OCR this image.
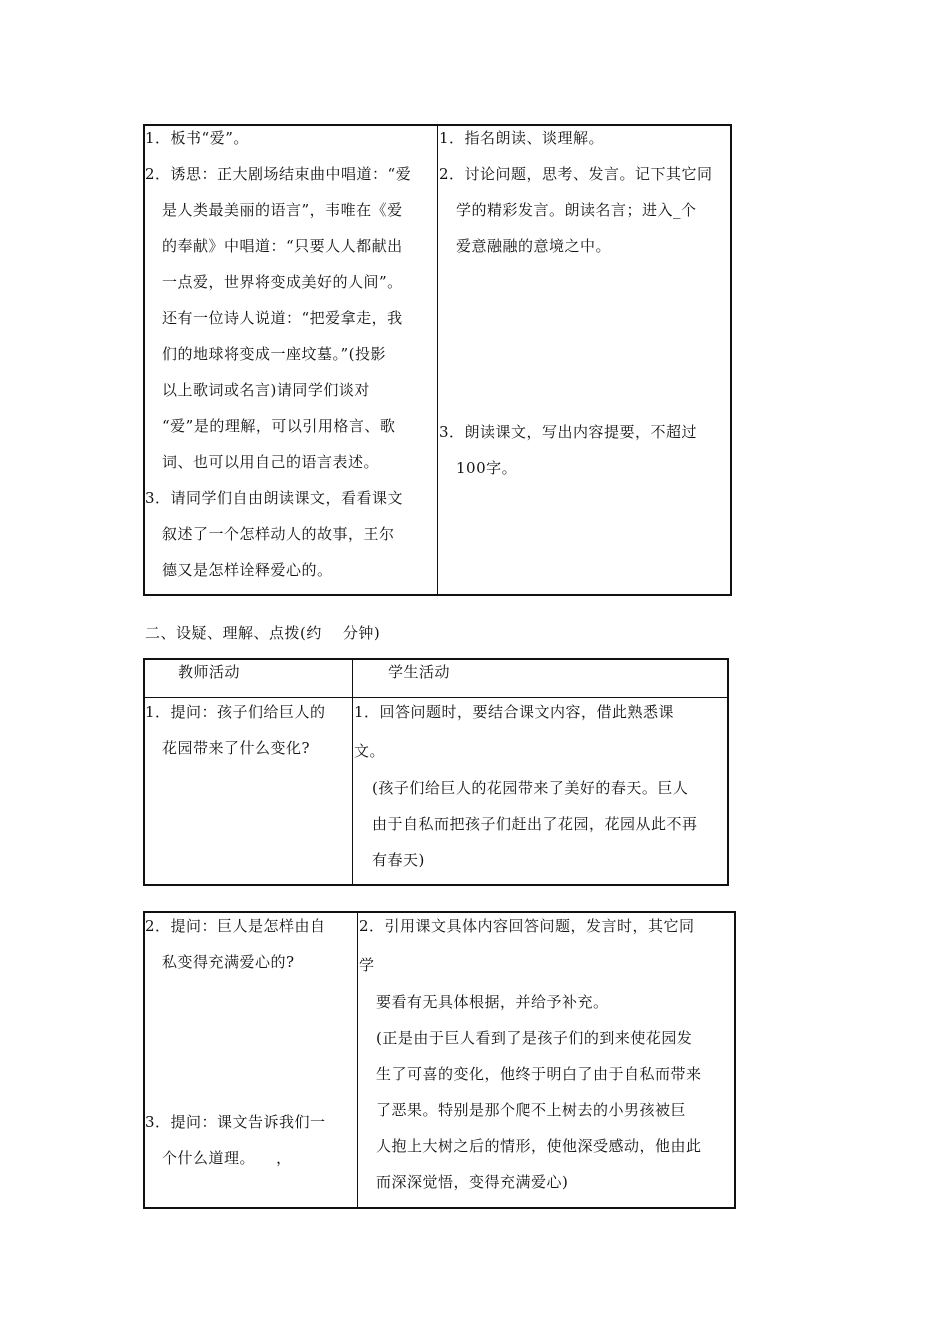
1．板书“爱”。
2．诱思：正大剧场结束曲中唱道：“爱
是人类最美丽的语言”，韦唯在《爱
的奉献》中唱道：“只要人人都献出
一点爱，世界将变成美好的人间”。
还有一位诗人说道：“把爱拿走，我
们的地球将变成一座坟墓。”(投影
以上歌词或名言)请同学们谈对
“爱”是的理解，可以引用格言、歌
词、也可以用自己的语言表述。
3．请同学们自由朗读课文，看看课文
叙述了一个怎样动人的故事，王尔
德又是怎样诠释爱心的。
1．指名朗读、谈理解。
2．讨论问题，思考、发言。记下其它同
学的精彩发言。朗读名言；进入_个
爱意融融的意境之中。
3．朗读课文，写出内容提要，不超过
100字。
二、设疑、理解、点拨(约    分钟)
教师活动	学生活动
1．提问：孩子们给巨人的
花园带来了什么变化?
1．回答问题时，要结合课文内容，借此熟悉课
文。
(孩子们给巨人的花园带来了美好的春天。巨人
由于自私而把孩子们赶出了花园，花园从此不再
有春天)
2．提问：巨人是怎样由自
私变得充满爱心的?
3．提问：课文告诉我们一
个什么道理。    ，
2．引用课文具体内容回答问题，发言时，其它同
学
要看有无具体根据，并给予补充。
(正是由于巨人看到了是孩子们的到来使花园发
生了可喜的变化，他终于明白了由于自私而带来
了恶果。特别是那个爬不上树去的小男孩被巨
人抱上大树之后的情形，使他深受感动，他由此
而深深觉悟，变得充满爱心)
